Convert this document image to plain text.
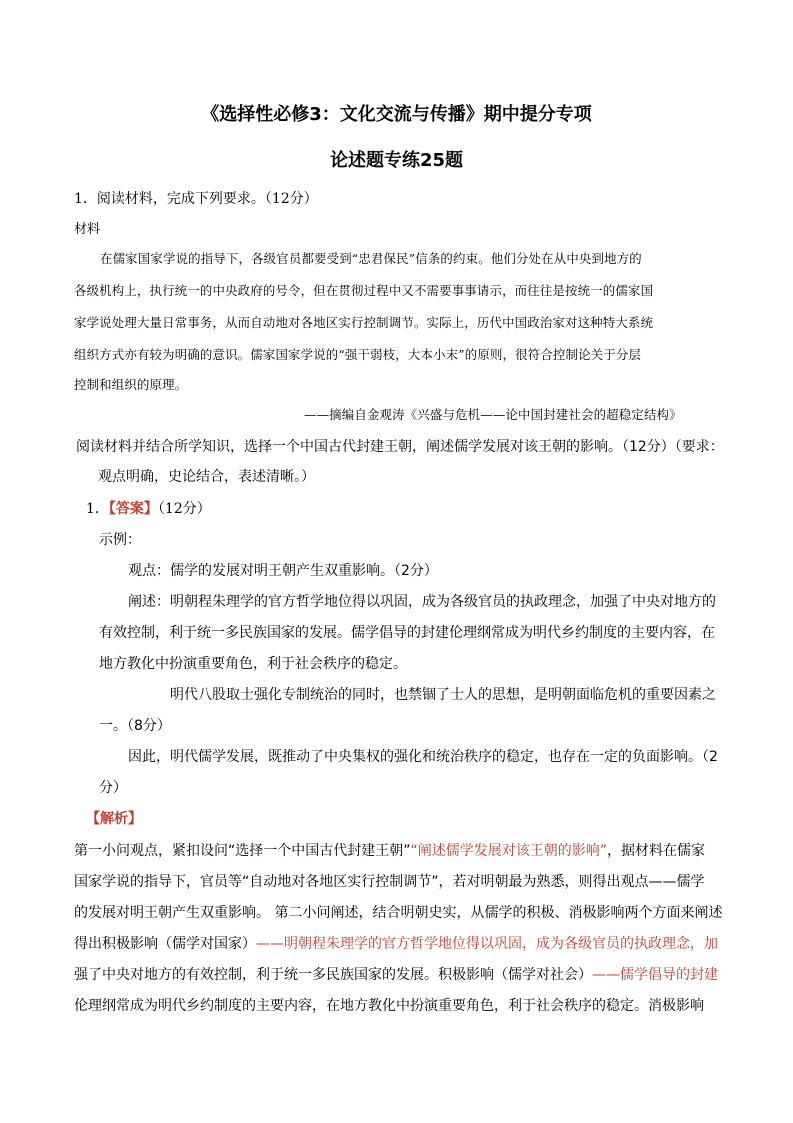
《选择性必修3：文化交流与传播》期中提分专项
论述题专练25题

1．阅读材料，完成下列要求。（12分）

材料

在儒家国家学说的指导下，各级官员都要受到“忠君保民”信条的约束。他们分处在从中央到地方的

各级机构上，执行统一的中央政府的号令，但在贯彻过程中又不需要事事请示，而往往是按统一的儒家国

家学说处理大量日常事务，从而自动地对各地区实行控制调节。实际上，历代中国政治家对这种特大系统

组织方式亦有较为明确的意识。儒家国家学说的“强干弱枝，大本小末”的原则，很符合控制论关于分层

控制和组织的原理。

——摘编自金观涛《兴盛与危机——论中国封建社会的超稳定结构》

阅读材料并结合所学知识，选择一个中国古代封建王朝，阐述儒学发展对该王朝的影响。（12分）（要求：

观点明确，史论结合，表述清晰。）

1．【答案】（12分）

示例：

观点：儒学的发展对明王朝产生双重影响。（2分）

阐述：明朝程朱理学的官方哲学地位得以巩固，成为各级官员的执政理念，加强了中央对地方的

有效控制，利于统一多民族国家的发展。儒学倡导的封建伦理纲常成为明代乡约制度的主要内容，在

地方教化中扮演重要角色，利于社会秩序的稳定。

明代八股取士强化专制统治的同时，也禁锢了士人的思想，是明朝面临危机的重要因素之

一。（8分）

因此，明代儒学发展，既推动了中央集权的强化和统治秩序的稳定，也存在一定的负面影响。（2

分）

【解析】

第一小问观点，紧扣设问“选择一个中国古代封建王朝”“阐述儒学发展对该王朝的影响”，据材料在儒家

国家学说的指导下，官员等“自动地对各地区实行控制调节”，若对明朝最为熟悉，则得出观点——儒学

的发展对明王朝产生双重影响。 第二小问阐述，结合明朝史实，从儒学的积极、消极影响两个方面来阐述

得出积极影响（儒学对国家）——明朝程朱理学的官方哲学地位得以巩固，成为各级官员的执政理念，加

强了中央对地方的有效控制，利于统一多民族国家的发展。积极影响（儒学对社会）——儒学倡导的封建

伦理纲常成为明代乡约制度的主要内容，在地方教化中扮演重要角色，利于社会秩序的稳定。消极影响
